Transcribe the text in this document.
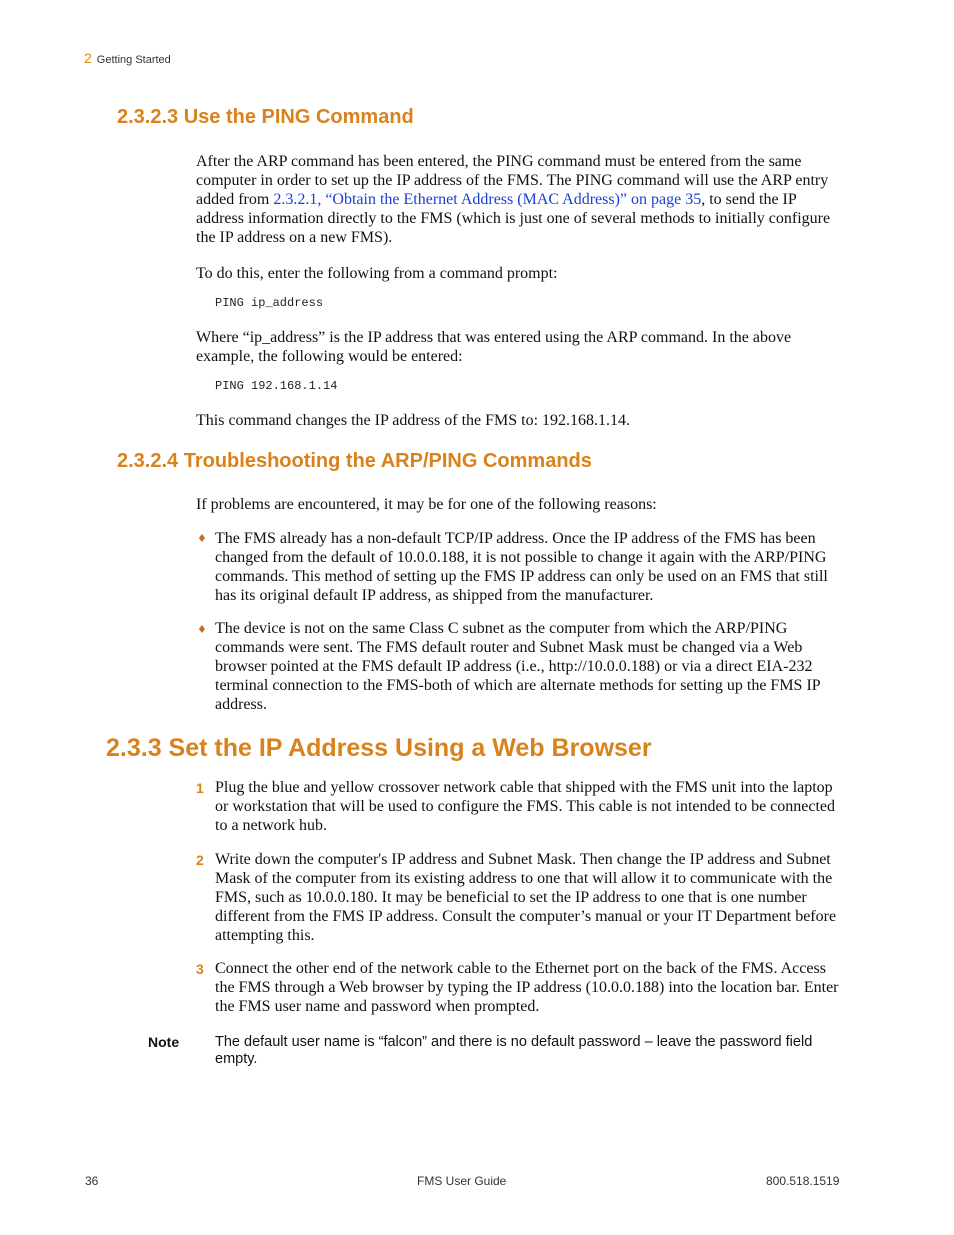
2 Getting Started
2.3.2.3 Use the PING Command

After the ARP command has been entered, the PING command must be entered from the same computer in order to set up the IP address of the FMS. The PING command will use the ARP entry added from 2.3.2.1, “Obtain the Ethernet Address (MAC Address)” on page 35, to send the IP address information directly to the FMS (which is just one of several methods to initially configure the IP address on a new FMS).

To do this, enter the following from a command prompt:

PING ip_address

Where “ip_address” is the IP address that was entered using the ARP command. In the above example, the following would be entered:

PING 192.168.1.14

This command changes the IP address of the FMS to: 192.168.1.14.

2.3.2.4 Troubleshooting the ARP/PING Commands

If problems are encountered, it may be for one of the following reasons:

♦ The FMS already has a non-default TCP/IP address. Once the IP address of the FMS has been changed from the default of 10.0.0.188, it is not possible to change it again with the ARP/PING commands. This method of setting up the FMS IP address can only be used on an FMS that still has its original default IP address, as shipped from the manufacturer.

♦ The device is not on the same Class C subnet as the computer from which the ARP/PING commands were sent. The FMS default router and Subnet Mask must be changed via a Web browser pointed at the FMS default IP address (i.e., http://10.0.0.188) or via a direct EIA-232 terminal connection to the FMS-both of which are alternate methods for setting up the FMS IP address.

2.3.3 Set the IP Address Using a Web Browser
1 Plug the blue and yellow crossover network cable that shipped with the FMS unit into the laptop or workstation that will be used to configure the FMS. This cable is not intended to be connected to a network hub.

2 Write down the computer's IP address and Subnet Mask. Then change the IP address and Subnet Mask of the computer from its existing address to one that will allow it to communicate with the FMS, such as 10.0.0.180. It may be beneficial to set the IP address to one that is one number different from the FMS IP address. Consult the computer’s manual or your IT Department before attempting this.

3 Connect the other end of the network cable to the Ethernet port on the back of the FMS. Access the FMS through a Web browser by typing the IP address (10.0.0.188) into the location bar. Enter the FMS user name and password when prompted.

Note The default user name is “falcon” and there is no default password – leave the password field empty.
36	FMS User Guide	800.518.1519
